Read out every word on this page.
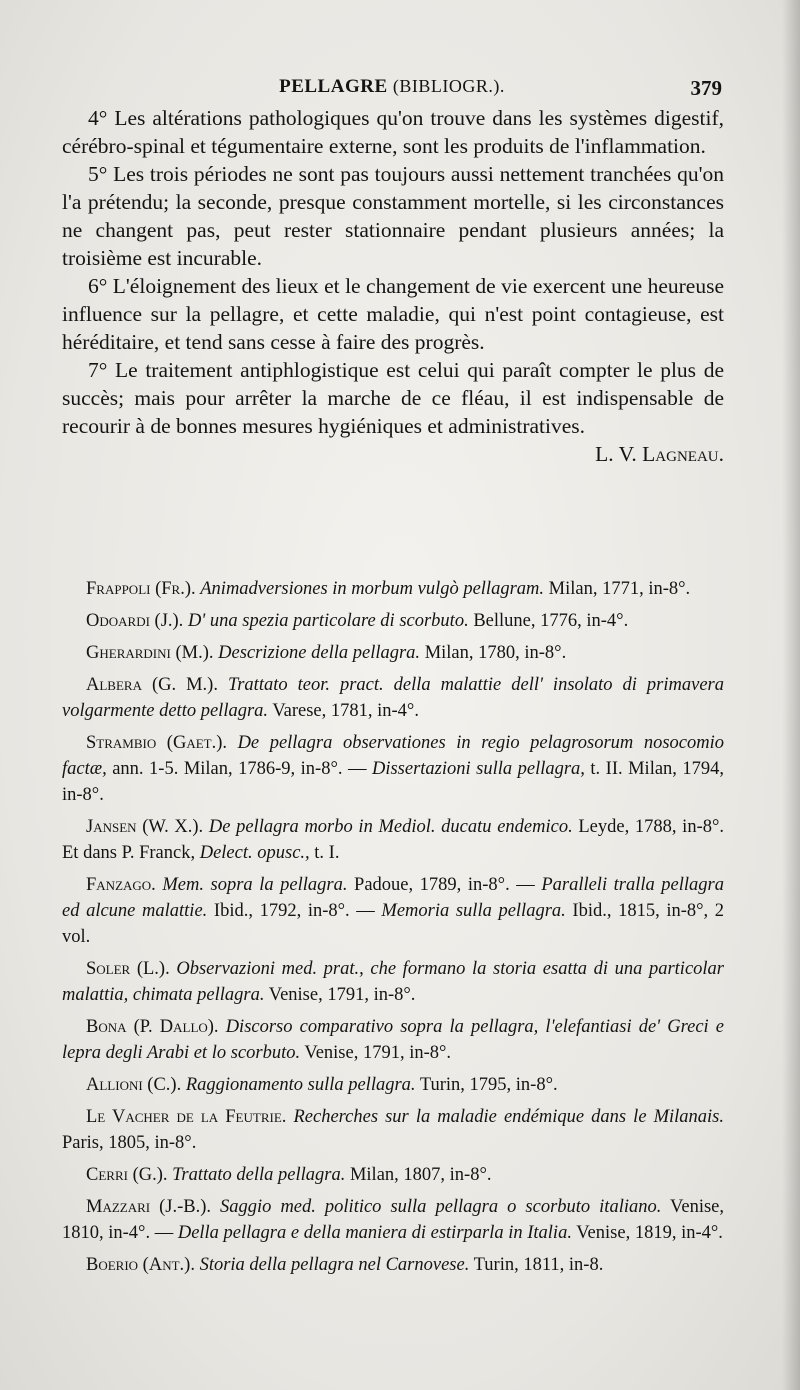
PELLAGRE (BIBLIOGR.).	379

4° Les altérations pathologiques qu'on trouve dans les systèmes digestif, cérébro-spinal et tégumentaire externe, sont les produits de l'inflammation.

5° Les trois périodes ne sont pas toujours aussi nettement tranchées qu'on l'a prétendu; la seconde, presque constamment mortelle, si les circonstances ne changent pas, peut rester stationnaire pendant plusieurs années; la troisième est incurable.

6° L'éloignement des lieux et le changement de vie exercent une heureuse influence sur la pellagre, et cette maladie, qui n'est point contagieuse, est héréditaire, et tend sans cesse à faire des progrès.

7° Le traitement antiphlogistique est celui qui paraît compter le plus de succès; mais pour arrêter la marche de ce fléau, il est indispensable de recourir à de bonnes mesures hygiéniques et administratives.

L. V. Lagneau.

Frappoli (Fr.). Animadversiones in morbum vulgò pellagram. Milan, 1771, in-8°.

Odoardi (J.). D' una spezia particolare di scorbuto. Bellune, 1776, in-4°.

Gherardini (M.). Descrizione della pellagra. Milan, 1780, in-8°.

Albera (G. M.). Trattato teor. pract. della malattie dell' insolato di primavera volgarmente detto pellagra. Varese, 1781, in-4°.

Strambio (Gaet.). De pellagra observationes in regio pelagrosorum nosocomio factæ, ann. 1-5. Milan, 1786-9, in-8°. — Dissertazioni sulla pellagra, t. II. Milan, 1794, in-8°.

Jansen (W. X.). De pellagra morbo in Mediol. ducatu endemico. Leyde, 1788, in-8°. Et dans P. Franck, Delect. opusc., t. I.

Fanzago. Mem. sopra la pellagra. Padoue, 1789, in-8°. — Paralleli tralla pellagra ed alcune malattie. Ibid., 1792, in-8°. — Memoria sulla pellagra. Ibid., 1815, in-8°, 2 vol.

Soler (L.). Observazioni med. prat., che formano la storia esatta di una particolar malattia, chimata pellagra. Venise, 1791, in-8°.

Bona (P. Dallo). Discorso comparativo sopra la pellagra, l'elefantiasi de' Greci e lepra degli Arabi et lo scorbuto. Venise, 1791, in-8°.

Allioni (C.). Raggionamento sulla pellagra. Turin, 1795, in-8°.

Le Vacher de la Feutrie. Recherches sur la maladie endémique dans le Milanais. Paris, 1805, in-8°.

Cerri (G.). Trattato della pellagra. Milan, 1807, in-8°.

Mazzari (J.-B.). Saggio med. politico sulla pellagra o scorbuto italiano. Venise, 1810, in-4°. — Della pellagra e della maniera di estirparla in Italia. Venise, 1819, in-4°.

Boerio (Ant.). Storia della pellagra nel Carnovese. Turin, 1811, in-8.
